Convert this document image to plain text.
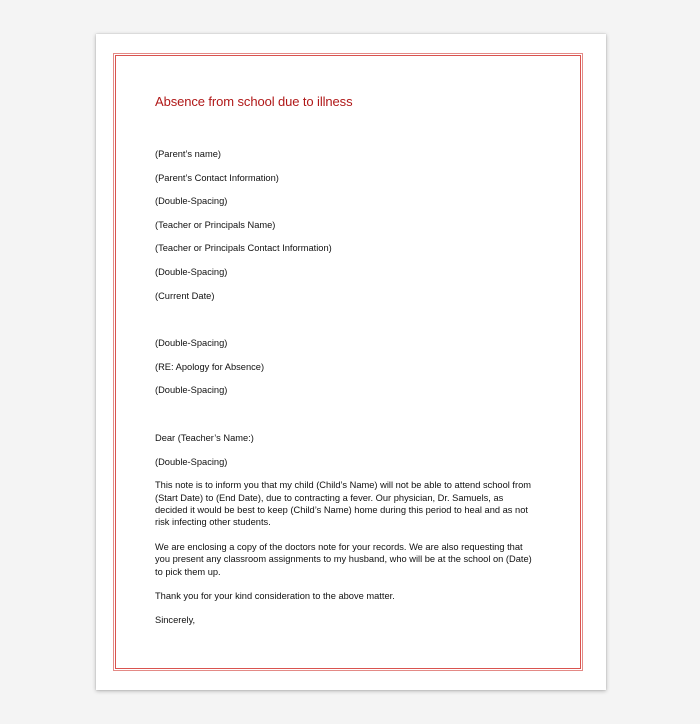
Absence from school due to illness
(Parent’s name)
(Parent’s Contact Information)
(Double-Spacing)
(Teacher or Principals Name)
(Teacher or Principals Contact Information)
(Double-Spacing)
(Current Date)
(Double-Spacing)
(RE: Apology for Absence)
(Double-Spacing)
Dear (Teacher’s Name:)
(Double-Spacing)

This note is to inform you that my child (Child’s Name) will not be able to attend school from (Start Date) to (End Date), due to contracting a fever. Our physician, Dr. Samuels, as decided it would be best to keep (Child’s Name) home during this period to heal and as not risk infecting other students.

We are enclosing a copy of the doctors note for your records. We are also requesting that you present any classroom assignments to my husband, who will be at the school on (Date) to pick them up.

Thank you for your kind consideration to the above matter.

Sincerely,
